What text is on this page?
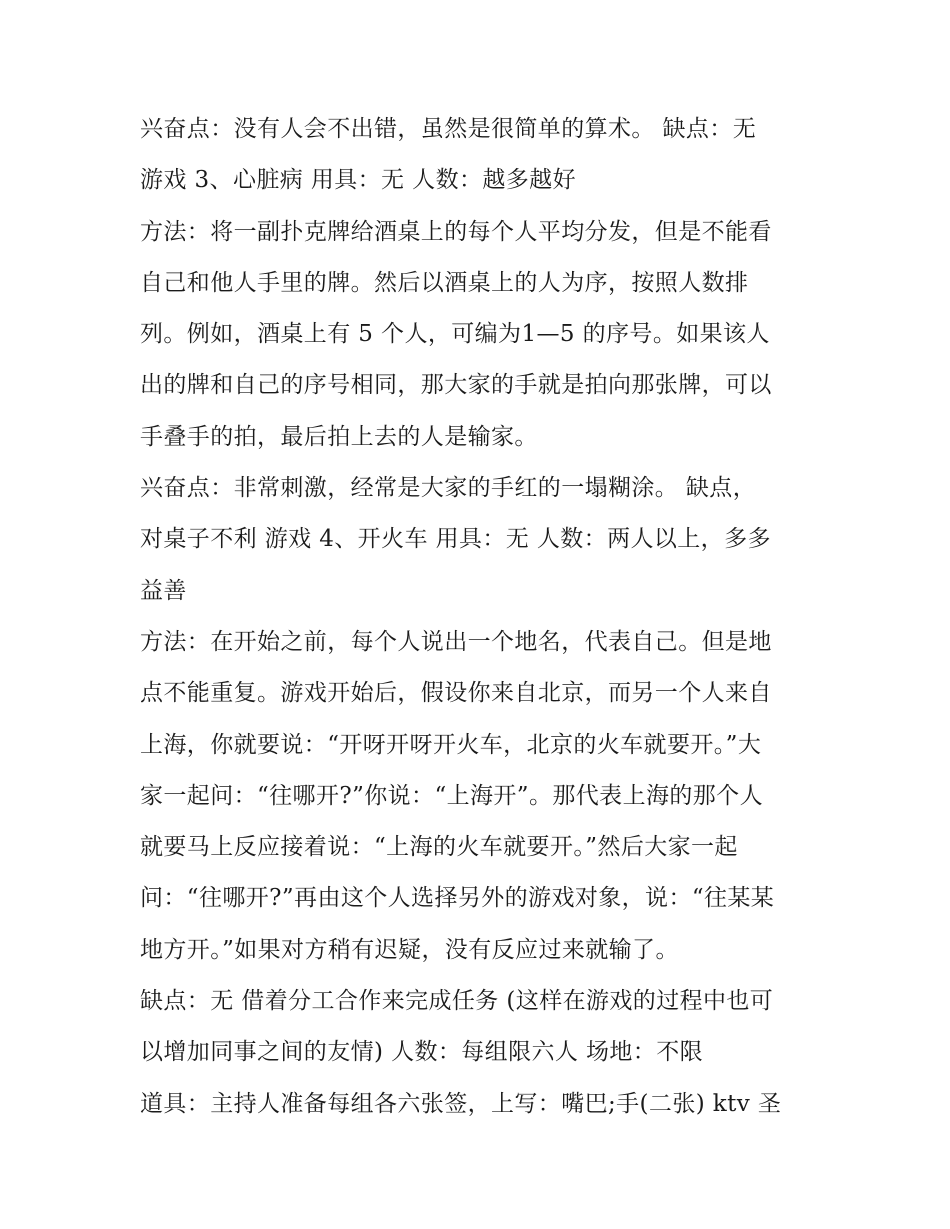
兴奋点：没有人会不出错，虽然是很简单的算术。 缺点：无
游戏 3、心脏病 用具：无 人数：越多越好
方法：将一副扑克牌给酒桌上的每个人平均分发，但是不能看
自己和他人手里的牌。然后以酒桌上的人为序，按照人数排
列。例如，酒桌上有 5 个人，可编为1—5 的序号。如果该人
出的牌和自己的序号相同，那大家的手就是拍向那张牌，可以
手叠手的拍，最后拍上去的人是输家。
兴奋点：非常刺激，经常是大家的手红的一塌糊涂。 缺点，
对桌子不利 游戏 4、开火车 用具：无 人数：两人以上，多多
益善
方法：在开始之前，每个人说出一个地名，代表自己。但是地
点不能重复。游戏开始后，假设你来自北京，而另一个人来自
上海，你就要说：“开呀开呀开火车，北京的火车就要开。”大
家一起问：“往哪开?”你说：“上海开”。那代表上海的那个人
就要马上反应接着说：“上海的火车就要开。”然后大家一起
问：“往哪开?”再由这个人选择另外的游戏对象，说：“往某某
地方开。”如果对方稍有迟疑，没有反应过来就输了。
缺点：无 借着分工合作来完成任务 (这样在游戏的过程中也可
以增加同事之间的友情) 人数：每组限六人 场地：不限
道具：主持人准备每组各六张签，上写：嘴巴;手(二张) ktv 圣
